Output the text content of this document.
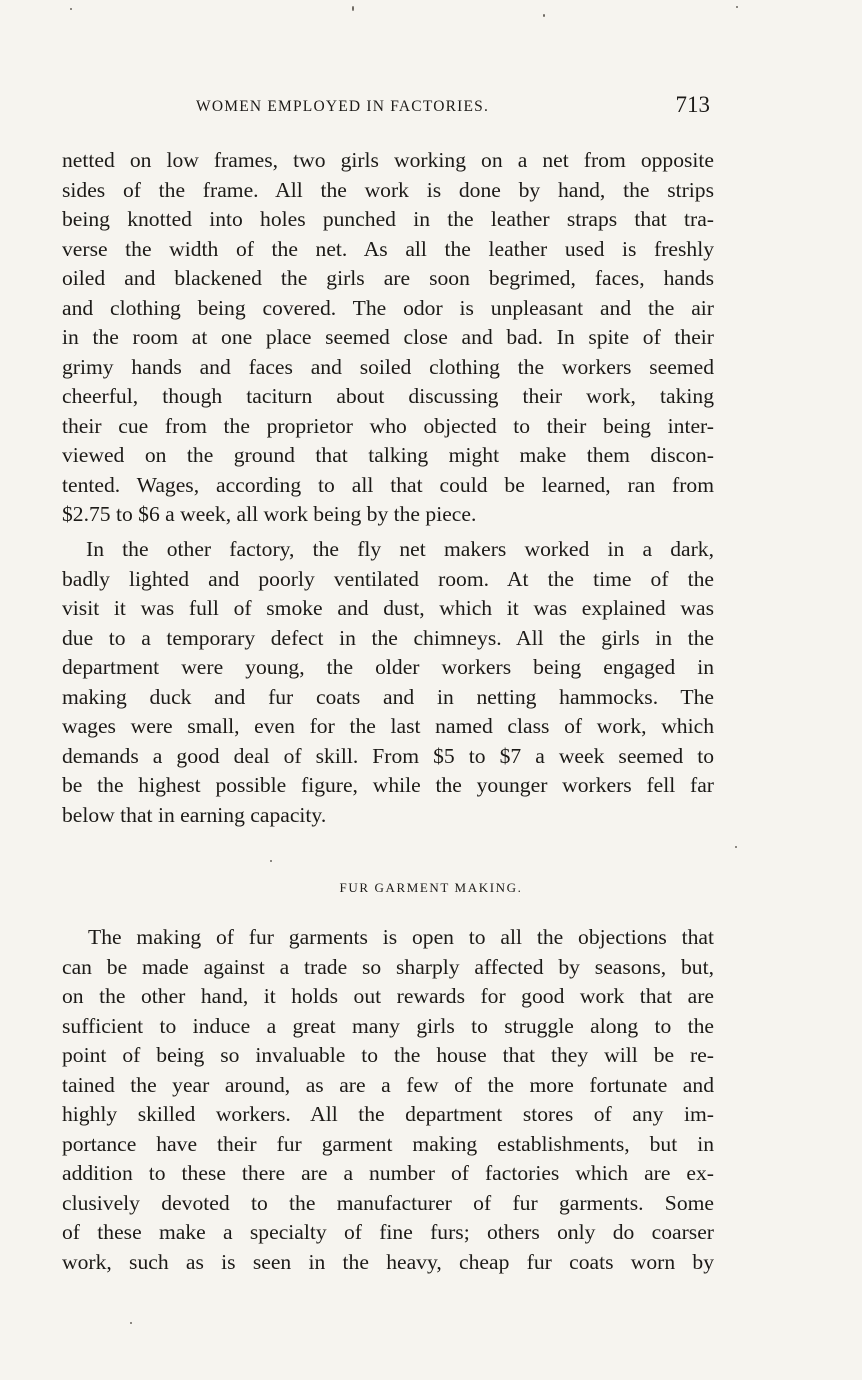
WOMEN EMPLOYED IN FACTORIES.	713
netted on low frames, two girls working on a net from opposite
sides of the frame. All the work is done by hand, the strips
being knotted into holes punched in the leather straps that tra-
verse the width of the net. As all the leather used is freshly
oiled and blackened the girls are soon begrimed, faces, hands
and clothing being covered. The odor is unpleasant and the air
in the room at one place seemed close and bad. In spite of their
grimy hands and faces and soiled clothing the workers seemed
cheerful, though taciturn about discussing their work, taking
their cue from the proprietor who objected to their being inter-
viewed on the ground that talking might make them discon-
tented. Wages, according to all that could be learned, ran from
$2.75 to $6 a week, all work being by the piece.
In the other factory, the fly net makers worked in a dark,
badly lighted and poorly ventilated room. At the time of the
visit it was full of smoke and dust, which it was explained was
due to a temporary defect in the chimneys. All the girls in the
department were young, the older workers being engaged in
making duck and fur coats and in netting hammocks. The
wages were small, even for the last named class of work, which
demands a good deal of skill. From $5 to $7 a week seemed to
be the highest possible figure, while the younger workers fell far
below that in earning capacity.
FUR GARMENT MAKING.
The making of fur garments is open to all the objections that
can be made against a trade so sharply affected by seasons, but,
on the other hand, it holds out rewards for good work that are
sufficient to induce a great many girls to struggle along to the
point of being so invaluable to the house that they will be re-
tained the year around, as are a few of the more fortunate and
highly skilled workers. All the department stores of any im-
portance have their fur garment making establishments, but in
addition to these there are a number of factories which are ex-
clusively devoted to the manufacturer of fur garments. Some
of these make a specialty of fine furs; others only do coarser
work, such as is seen in the heavy, cheap fur coats worn by
